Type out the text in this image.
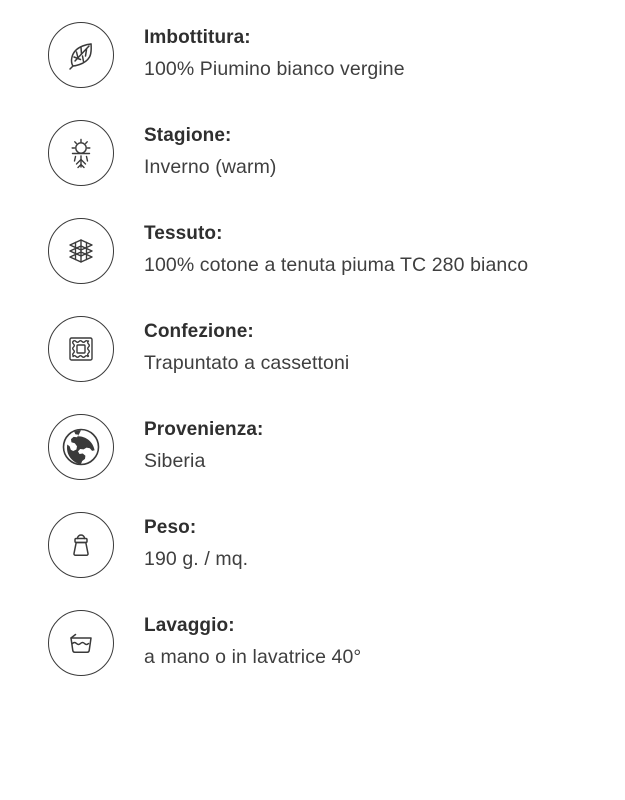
Imbottitura:
100% Piumino bianco vergine
Stagione:
Inverno (warm)
Tessuto:
100% cotone a tenuta piuma TC 280 bianco
Confezione:
Trapuntato a cassettoni
Provenienza:
Siberia
Peso:
190 g. / mq.
Lavaggio:
a mano o in lavatrice 40°
